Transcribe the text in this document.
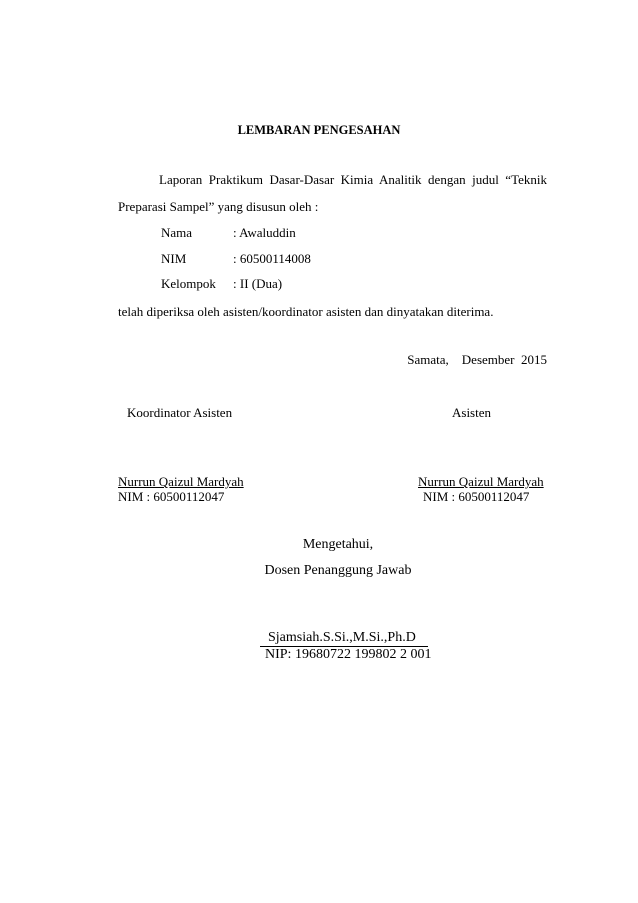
LEMBARAN PENGESAHAN
Laporan Praktikum Dasar-Dasar Kimia Analitik dengan judul “Teknik
Preparasi Sampel” yang disusun oleh :
Nama	: Awaluddin
NIM	: 60500114008
Kelompok : II (Dua)
telah diperiksa oleh asisten/koordinator asisten dan dinyatakan diterima.
Samata,    Desember  2015
Koordinator Asisten	Asisten
Nurrun Qaizul Mardyah
NIM : 60500112047
Nurrun Qaizul Mardyah
NIM : 60500112047
Mengetahui,
Dosen Penanggung Jawab
Sjamsiah.S.Si.,M.Si.,Ph.D
NIP: 19680722 199802 2 001
